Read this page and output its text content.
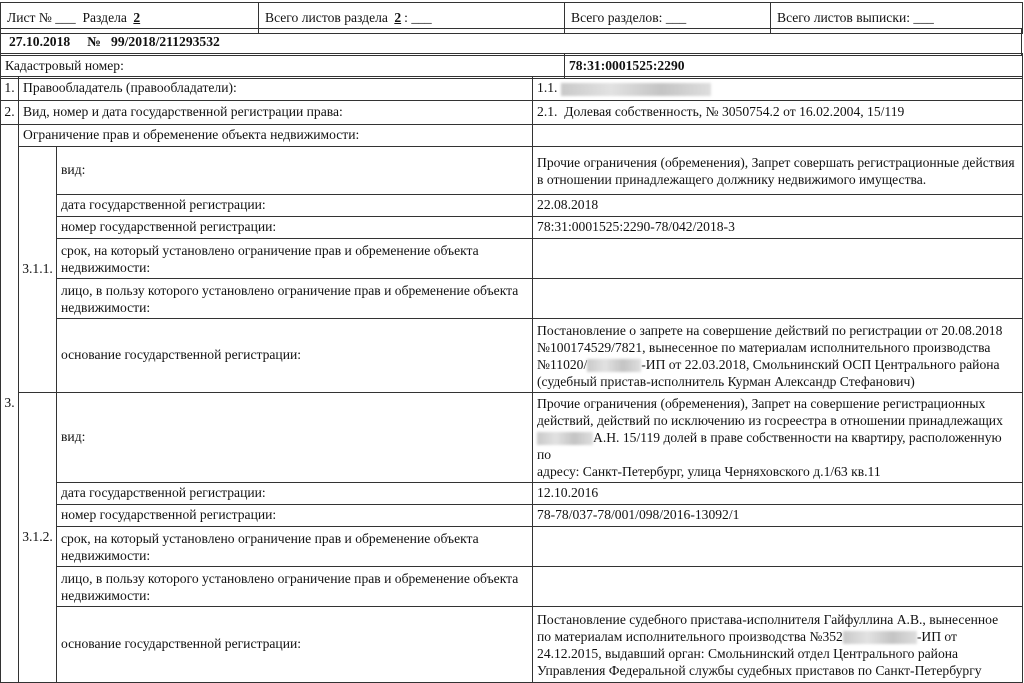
Лист № ___ Раздела 2	Всего листов раздела 2 : ___	Всего разделов: ___	Всего листов выписки: ___
27.10.2018 № 99/2018/211293532
Кадастровый номер:	78:31:0001525:2290
1.	Правообладатель (правообладатели):		1.1.
2.	Вид, номер и дата государственной регистрации права:		2.1. Долевая собственность, № 3050754.2 от 16.02.2004, 15/119
3.	Ограничение прав и обременение объекта недвижимости:		
	3.1.1.	вид:	Прочие ограничения (обременения), Запрет совершать регистрационные действия в отношении принадлежащего должнику недвижимого имущества.
		дата государственной регистрации:	22.08.2018
		номер государственной регистрации:	78:31:0001525:2290-78/042/2018-3
		срок, на который установлено ограничение прав и обременение объекта недвижимости:	
		лицо, в пользу которого установлено ограничение прав и обременение объекта недвижимости:	
		основание государственной регистрации:	Постановление о запрете на совершение действий по регистрации от 20.08.2018
№100174529/7821, вынесенное по материалам исполнительного производства
№11020/ -ИП от 22.03.2018, Смольнинский ОСП Центрального района
(судебный пристав-исполнитель Курман Александр Стефанович)
	3.1.2.	вид:	Прочие ограничения (обременения), Запрет на совершение регистрационных
действий, действий по исключению из госреестра в отношении принадлежащих
А.Н. 15/119 долей в праве собственности на квартиру, расположенную по
адресу: Санкт-Петербург, улица Черняховского д.1/63 кв.11
		дата государственной регистрации:	12.10.2016
		номер государственной регистрации:	78-78/037-78/001/098/2016-13092/1
		срок, на который установлено ограничение прав и обременение объекта недвижимости:	
		лицо, в пользу которого установлено ограничение прав и обременение объекта недвижимости:	
		основание государственной регистрации:	Постановление судебного пристава-исполнителя Гайфуллина А.В., вынесенное
по материалам исполнительного производства №352 -ИП от
24.12.2015, выдавший орган: Смольнинский отдел Центрального района
Управления Федеральной службы судебных приставов по Санкт-Петербургу
